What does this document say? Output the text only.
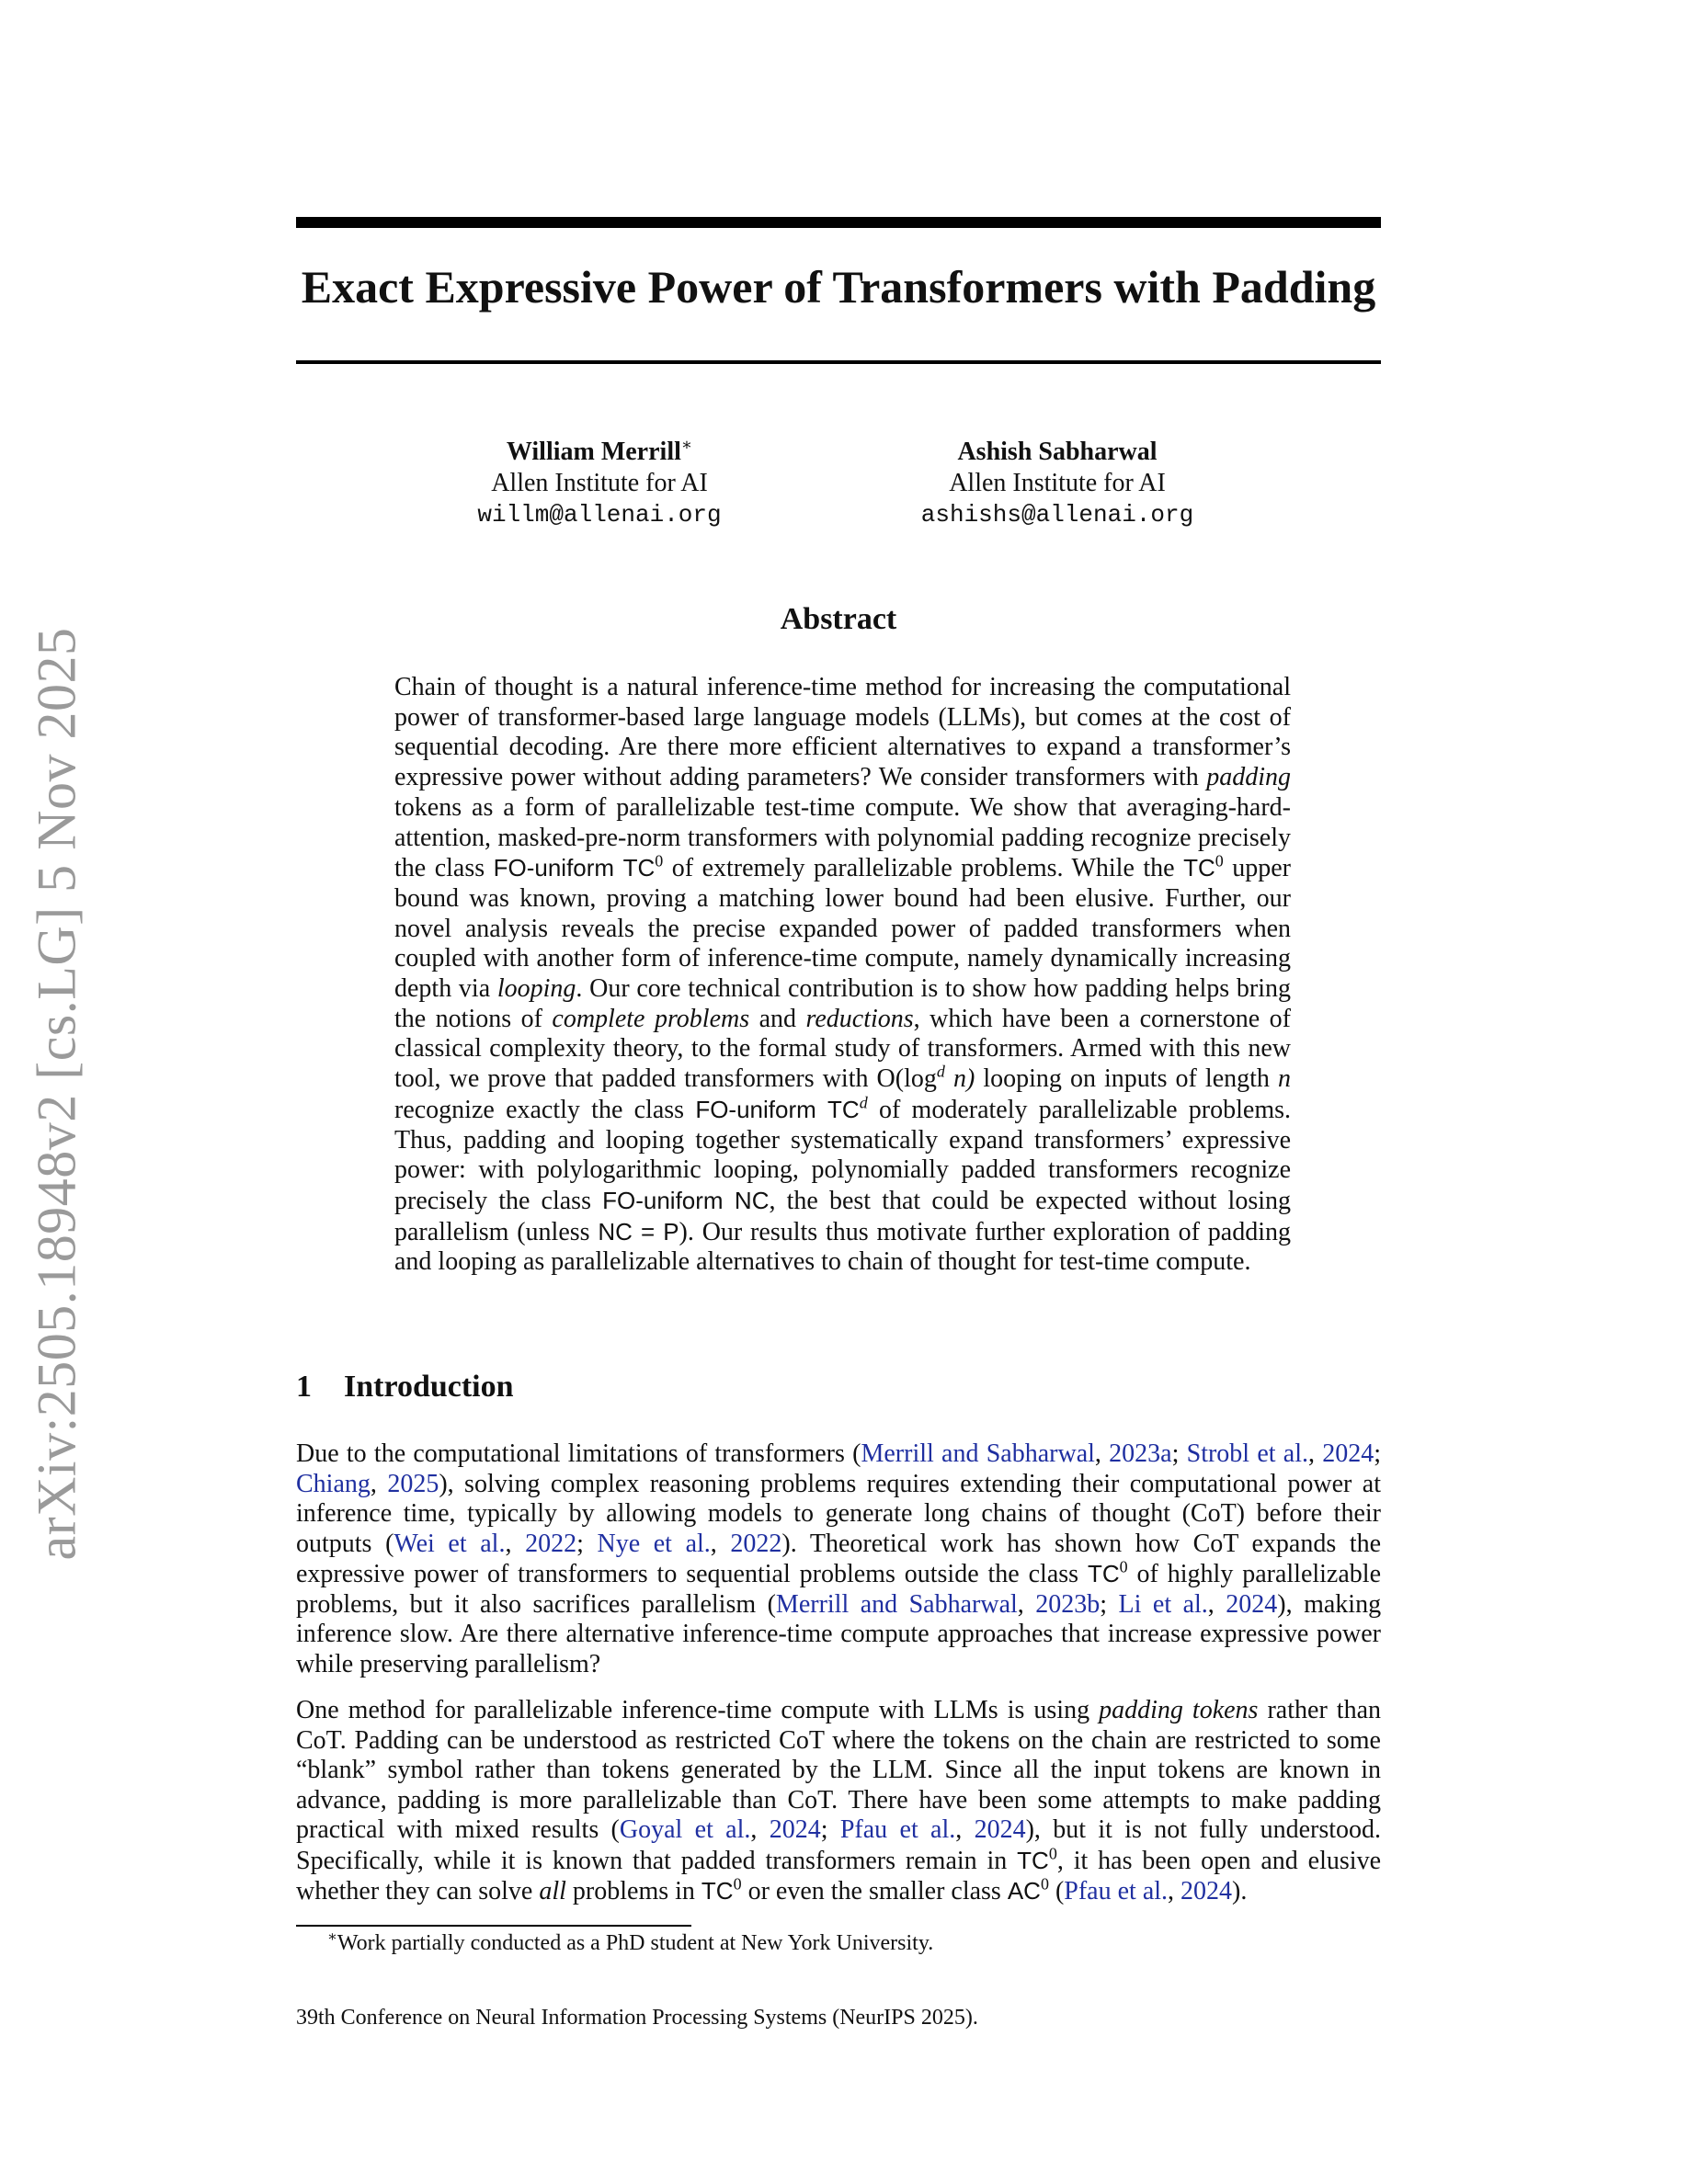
arXiv:2505.18948v2 [cs.LG] 5 Nov 2025
Exact Expressive Power of Transformers with Padding
William Merrill∗
Allen Institute for AI
willm@allenai.org
Ashish Sabharwal
Allen Institute for AI
ashishs@allenai.org
Abstract
Chain of thought is a natural inference-time method for increasing the computational power of transformer-based large language models (LLMs), but comes at the cost of sequential decoding. Are there more efficient alternatives to expand a transformer’s expressive power without adding parameters? We consider transformers with padding tokens as a form of parallelizable test-time compute. We show that averaging-hard-attention, masked-pre-norm transformers with polynomial padding recognize precisely the class FO-uniform $TC^0$ of extremely parallelizable problems. While the $TC^0$ upper bound was known, proving a matching lower bound had been elusive. Further, our novel analysis reveals the precise expanded power of padded transformers when coupled with another form of inference-time compute, namely dynamically increasing depth via looping. Our core technical contribution is to show how padding helps bring the notions of complete problems and reductions, which have been a cornerstone of classical complexity theory, to the formal study of transformers. Armed with this new tool, we prove that padded transformers with $O(\log^d$ n) looping on inputs of length n recognize exactly the class FO-uniform $TC^d$ of moderately parallelizable problems. Thus, padding and looping together systematically expand transformers’ expressive power: with polylogarithmic looping, polynomially padded transformers recognize precisely the class FO-uniform NC, the best that could be expected without losing parallelism (unless NC = P). Our results thus motivate further exploration of padding and looping as parallelizable alternatives to chain of thought for test-time compute.
1 Introduction
Due to the computational limitations of transformers (Merrill and Sabharwal, 2023a; Strobl et al., 2024; Chiang, 2025), solving complex reasoning problems requires extending their computational power at inference time, typically by allowing models to generate long chains of thought (CoT) before their outputs (Wei et al., 2022; Nye et al., 2022). Theoretical work has shown how CoT expands the expressive power of transformers to sequential problems outside the class $TC^0$ of highly parallelizable problems, but it also sacrifices parallelism (Merrill and Sabharwal, 2023b; Li et al., 2024), making inference slow. Are there alternative inference-time compute approaches that increase expressive power while preserving parallelism?
One method for parallelizable inference-time compute with LLMs is using padding tokens rather than CoT. Padding can be understood as restricted CoT where the tokens on the chain are restricted to some “blank” symbol rather than tokens generated by the LLM. Since all the input tokens are known in advance, padding is more parallelizable than CoT. There have been some attempts to make padding practical with mixed results (Goyal et al., 2024; Pfau et al., 2024), but it is not fully understood. Specifically, while it is known that padded transformers remain in $TC^0$, it has been open and elusive whether they can solve all problems in $TC^0$ or even the smaller class $AC^0$ (Pfau et al., 2024).
∗Work partially conducted as a PhD student at New York University.
39th Conference on Neural Information Processing Systems (NeurIPS 2025).
